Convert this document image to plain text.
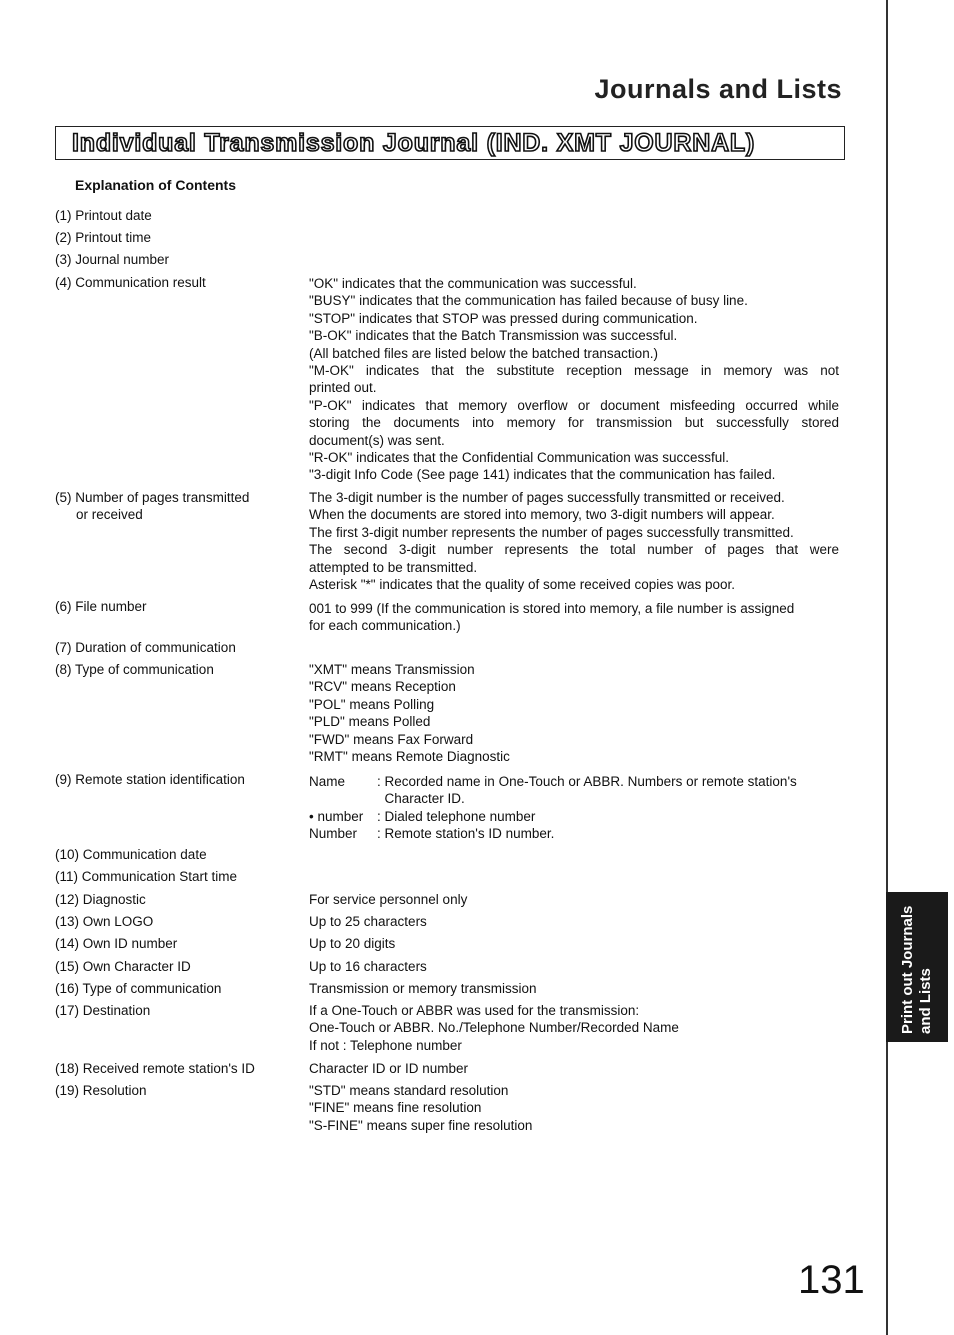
Journals and Lists
Individual Transmission Journal (IND. XMT JOURNAL)
Explanation of Contents
(1) Printout date
(2) Printout time
(3) Journal number
(4) Communication result	"OK" indicates that the communication was successful.
"BUSY" indicates that the communication has failed because of busy line.
"STOP" indicates that STOP was pressed during communication.
"B-OK" indicates that the Batch Transmission was successful.
(All batched files are listed below the batched transaction.)
"M-OK" indicates that the substitute reception message in memory was not
printed out.
"P-OK" indicates that memory overflow or document misfeeding occurred while
storing the documents into memory for transmission but successfully stored
document(s) was sent.
"R-OK" indicates that the Confidential Communication was successful.
"3-digit Info Code (See page 141) indicates that the communication has failed.
(5) Number of pages transmitted
or received
The 3-digit number is the number of pages successfully transmitted or received.
When the documents are stored into memory, two 3-digit numbers will appear.
The first 3-digit number represents the number of pages successfully transmitted.
The second 3-digit number represents the total number of pages that were
attempted to be transmitted.
Asterisk "*" indicates that the quality of some received copies was poor.
(6) File number	001 to 999 (If the communication is stored into memory, a file number is assigned
for each communication.)
(7) Duration of communication
(8) Type of communication	"XMT" means Transmission
"RCV" means Reception
"POL" means Polling
"PLD" means Polled
"FWD" means Fax Forward
"RMT" means Remote Diagnostic
(9) Remote station identification	Name	: Recorded name in One-Touch or ABBR. Numbers or remote station's
Character ID.
• number	: Dialed telephone number
Number	: Remote station's ID number.
(10) Communication date
(11) Communication Start time
(12) Diagnostic	For service personnel only
(13) Own LOGO	Up to 25 characters
(14) Own ID number	Up to 20 digits
(15) Own Character ID	Up to 16 characters
(16) Type of communication	Transmission or memory transmission
(17) Destination	If a One-Touch or ABBR was used for the transmission:
One-Touch or ABBR. No./Telephone Number/Recorded Name
If not : Telephone number
(18) Received remote station's ID	Character ID or ID number
(19) Resolution	"STD" means standard resolution
"FINE" means fine resolution
"S-FINE" means super fine resolution
Print out Journals and Lists
131
